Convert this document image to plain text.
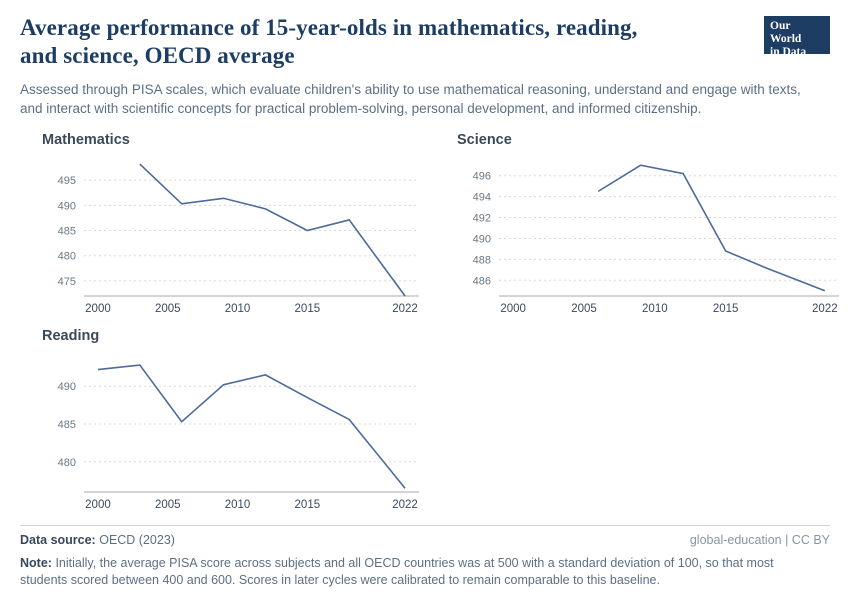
Average performance of 15-year-olds in mathematics, reading, and science, OECD average

Assessed through PISA scales, which evaluate children's ability to use mathematical reasoning, understand and engage with texts, and interact with scientific concepts for practical problem-solving, personal development, and informed citizenship.

Our World
in Data
Mathematics
475
480
485
490
495
2000	2005	2010	2015	2022
Science
486
488
490
492
494
496
2000	2005	2010	2015	2022
Reading
480
485
490
2000	2005	2010	2015	2022
Data source: OECD (2023)	global-education | CC BY
Note: Initially, the average PISA score across subjects and all OECD countries was at 500 with a standard deviation of 100, so that most students scored between 400 and 600. Scores in later cycles were calibrated to remain comparable to this baseline.
